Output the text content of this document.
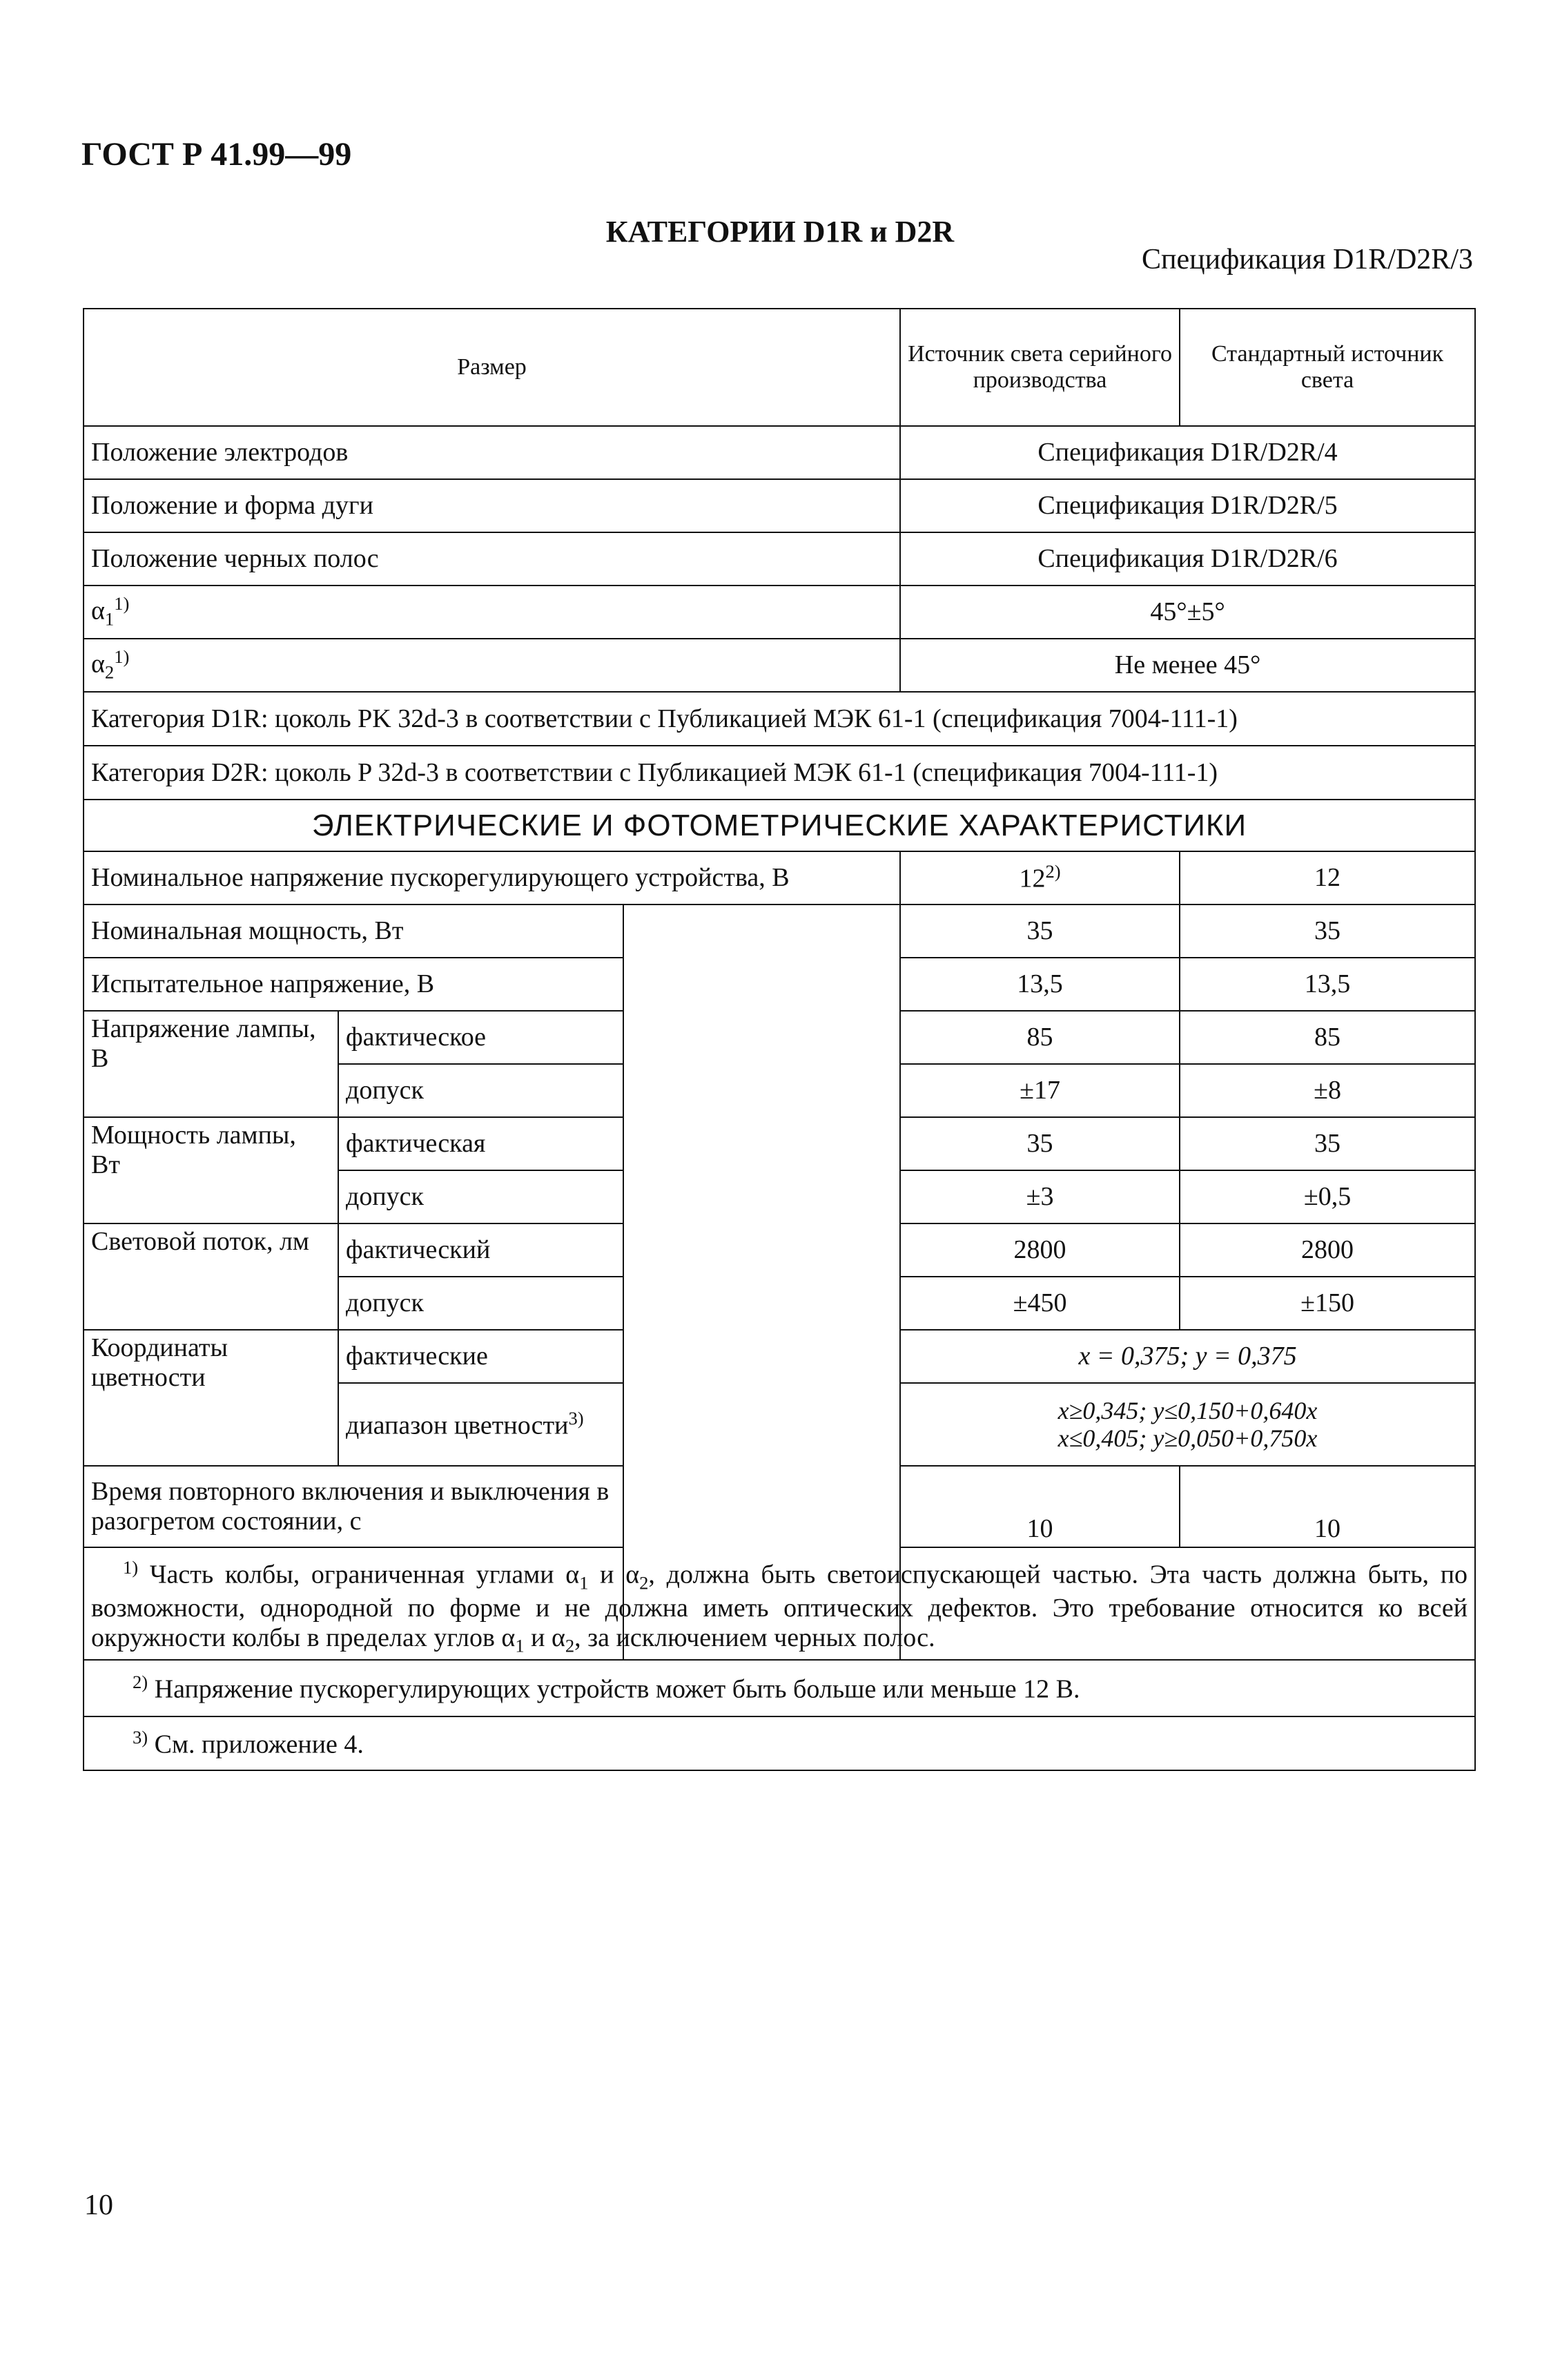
ГОСТ Р 41.99—99
КАТЕГОРИИ D1R и D2R
Спецификация D1R/D2R/3
Размер			Источник света серийного производства	Стандартный источник света
Положение электродов			Спецификация D1R/D2R/4	
Положение и форма дуги			Спецификация D1R/D2R/5	
Положение черных полос			Спецификация D1R/D2R/6	
$\alpha_1^{1)}$			45°±5°	
$\alpha_2^{1)}$			Не менее 45°	
Категория D1R: цоколь PK 32d-3 в соответствии с Публикацией МЭК 61-1 (спецификация 7004-111-1)				
Категория D2R: цоколь P 32d-3 в соответствии с Публикацией МЭК 61-1 (спецификация 7004-111-1)				
ЭЛЕКТРИЧЕСКИЕ И ФОТОМЕТРИЧЕСКИЕ ХАРАКТЕРИСТИКИ				
Номинальное напряжение пускорегулирующего устройства, В			12$^{2)}$	12
Номинальная мощность, Вт			35	35
Испытательное напряжение, В			13,5	13,5
Напряжение лампы, В	фактическое		85	85
	допуск		±17	±8
Мощность лампы, Вт	фактическая		35	35
	допуск		±3	±0,5
Световой поток, лм	фактический		2800	2800
	допуск		±450	±150
Координаты цветности	фактические		x = 0,375; y = 0,375	
	диапазон цветности$^{3)}$		x≥0,345; y≤0,150+0,640x
x≤0,405; y≥0,050+0,750x	

Время повторного включения и выключения в разогретом состоянии, с			10	10
$^{1)}$ Часть колбы, ограниченная углами $\alpha_1$ и $\alpha_2$, должна быть светоиспускающей частью. Эта часть должна быть, по возможности, однородной по форме и не должна иметь оптических дефектов. Это требование относится ко всей окружности колбы в пределах углов $\alpha_1$ и $\alpha_2$, за исключением черных полос.				
$^{2)}$ Напряжение пускорегулирующих устройств может быть больше или меньше 12 В.				
$^{3)}$ См. приложение 4.				
10
